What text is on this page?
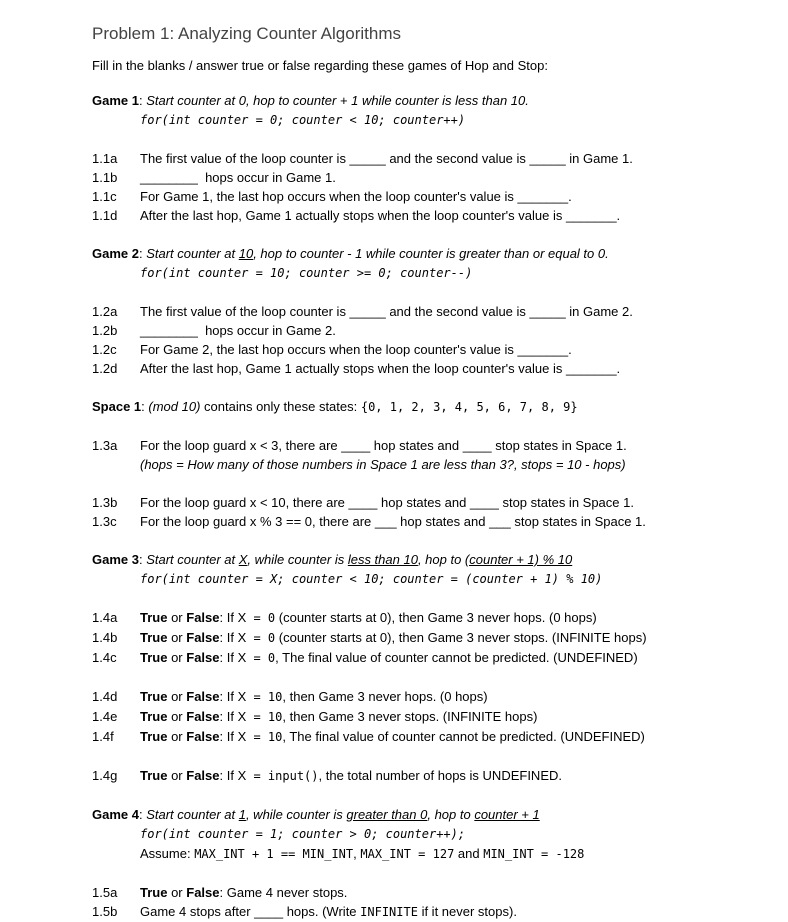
Problem 1: Analyzing Counter Algorithms
Fill in the blanks / answer true or false regarding these games of Hop and Stop:
Game 1: Start counter at 0, hop to counter + 1 while counter is less than 10.
for(int counter = 0; counter < 10; counter++)
1.1a	The first value of the loop counter is _____ and the second value is _____ in Game 1.
1.1b	________  hops occur in Game 1.
1.1c	For Game 1, the last hop occurs when the loop counter's value is _______.
1.1d	After the last hop, Game 1 actually stops when the loop counter's value is _______.
Game 2: Start counter at 10, hop to counter - 1 while counter is greater than or equal to 0.
for(int counter = 10; counter >= 0; counter--)
1.2a	The first value of the loop counter is _____ and the second value is _____ in Game 2.
1.2b	________  hops occur in Game 2.
1.2c	For Game 2, the last hop occurs when the loop counter's value is _______.
1.2d	After the last hop, Game 1 actually stops when the loop counter's value is _______.
Space 1: (mod 10) contains only these states: {0, 1, 2, 3, 4, 5, 6, 7, 8, 9}
1.3a	For the loop guard x < 3, there are ____ hop states and ____ stop states in Space 1.
(hops = How many of those numbers in Space 1 are less than 3?, stops = 10 - hops)
1.3b	For the loop guard x < 10, there are ____ hop states and ____ stop states in Space 1.
1.3c	For the loop guard x % 3 == 0, there are ___ hop states and ___ stop states in Space 1.
Game 3: Start counter at X, while counter is less than 10, hop to (counter + 1) % 10
for(int counter = X; counter < 10; counter = (counter + 1) % 10)
1.4a	True or False: If X = 0 (counter starts at 0), then Game 3 never hops. (0 hops)
1.4b	True or False: If X = 0 (counter starts at 0), then Game 3 never stops. (INFINITE hops)
1.4c	True or False: If X = 0, The final value of counter cannot be predicted. (UNDEFINED)
1.4d	True or False: If X = 10, then Game 3 never hops. (0 hops)
1.4e	True or False: If X = 10, then Game 3 never stops. (INFINITE hops)
1.4f	True or False: If X = 10, The final value of counter cannot be predicted. (UNDEFINED)
1.4g	True or False: If X = input(), the total number of hops is UNDEFINED.
Game 4: Start counter at 1, while counter is greater than 0, hop to counter + 1
for(int counter = 1; counter > 0; counter++);
Assume: MAX_INT + 1 == MIN_INT, MAX_INT = 127 and MIN_INT = -128
1.5a	True or False: Game 4 never stops.
1.5b	Game 4 stops after ____ hops. (Write INFINITE if it never stops).
